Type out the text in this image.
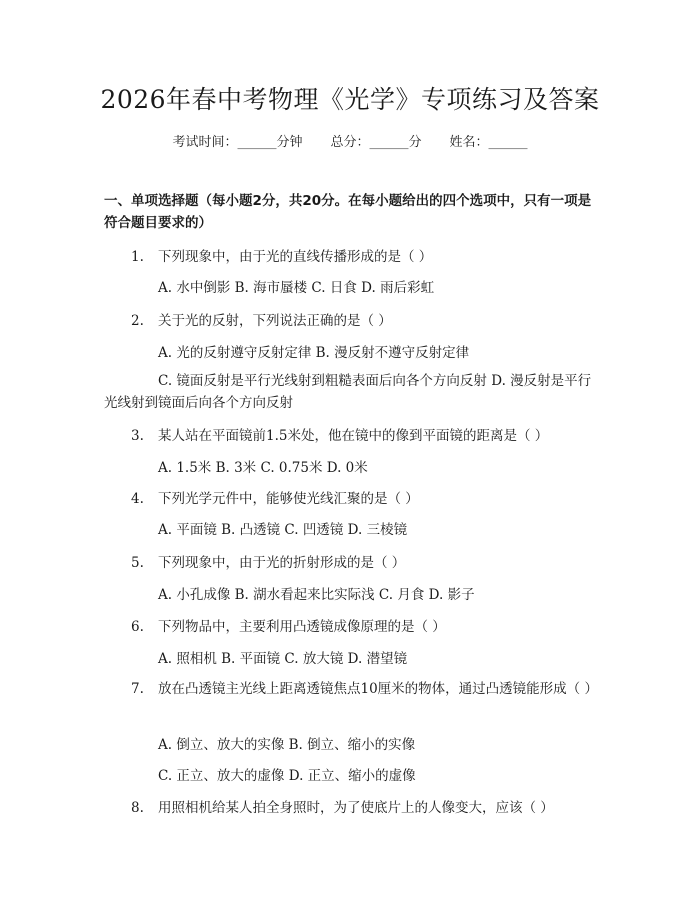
2026年春中考物理《光学》专项练习及答案
考试时间：______分钟 总分：______分 姓名：______
一、单项选择题（每小题2分，共20分。在每小题给出的四个选项中，只有一项是符合题目要求的）
1. 下列现象中，由于光的直线传播形成的是（ ）
A. 水中倒影 B. 海市蜃楼 C. 日食 D. 雨后彩虹
2. 关于光的反射，下列说法正确的是（ ）
A. 光的反射遵守反射定律 B. 漫反射不遵守反射定律
C. 镜面反射是平行光线射到粗糙表面后向各个方向反射 D. 漫反射是平行光线射到镜面后向各个方向反射
3. 某人站在平面镜前1.5米处，他在镜中的像到平面镜的距离是（ ）
A. 1.5米 B. 3米 C. 0.75米 D. 0米
4. 下列光学元件中，能够使光线汇聚的是（ ）
A. 平面镜 B. 凸透镜 C. 凹透镜 D. 三棱镜
5. 下列现象中，由于光的折射形成的是（ ）
A. 小孔成像 B. 湖水看起来比实际浅 C. 月食 D. 影子
6. 下列物品中，主要利用凸透镜成像原理的是（ ）
A. 照相机 B. 平面镜 C. 放大镜 D. 潜望镜
7. 放在凸透镜主光线上距离透镜焦点10厘米的物体，通过凸透镜能形成（ ）
A. 倒立、放大的实像 B. 倒立、缩小的实像
C. 正立、放大的虚像 D. 正立、缩小的虚像
8. 用照相机给某人拍全身照时，为了使底片上的人像变大，应该（ ）
